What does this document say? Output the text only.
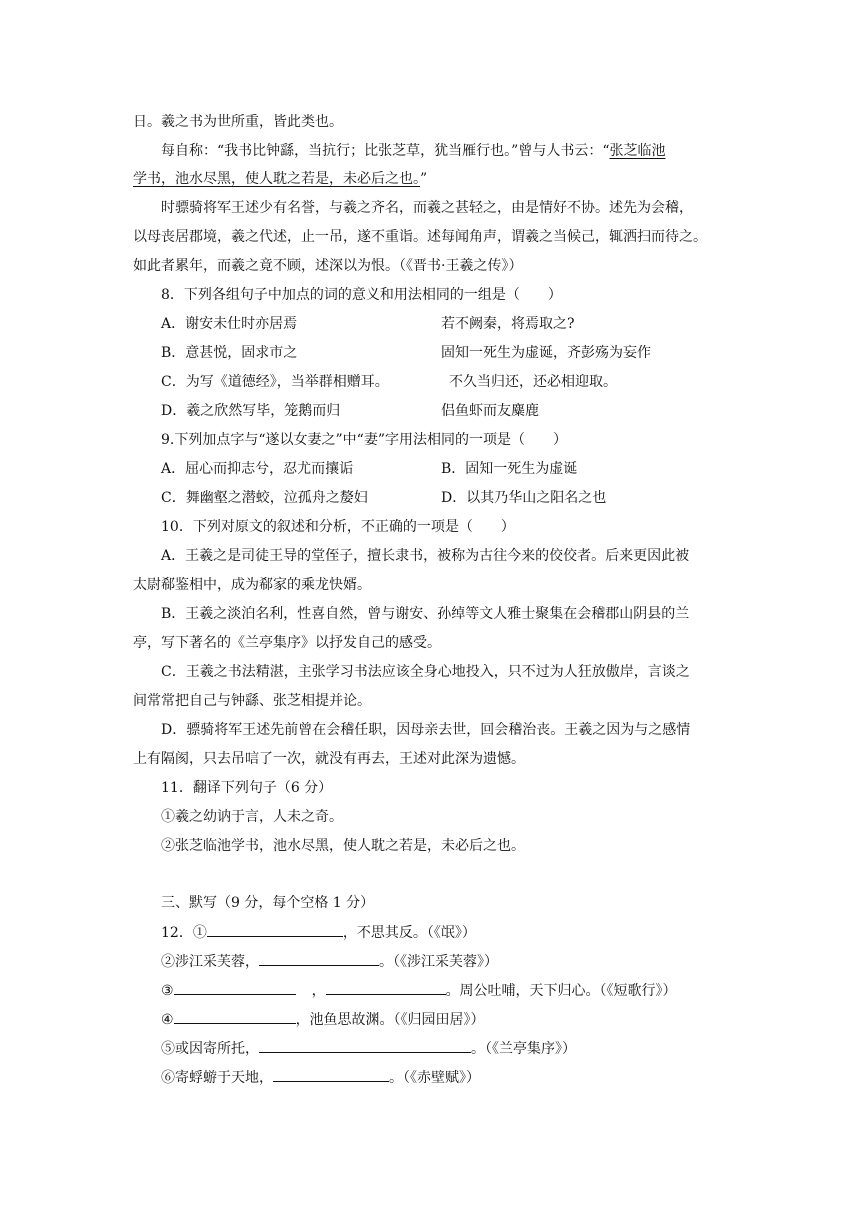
日。羲之书为世所重，皆此类也。
每自称：“我书比钟繇，当抗行；比张芝草，犹当雁行也。”曾与人书云：“张芝临池
学书，池水尽黑，使人耽之若是，未必后之也。”
时骠骑将军王述少有名誉，与羲之齐名，而羲之甚轻之，由是情好不协。述先为会稽，
以母丧居郡境，羲之代述，止一吊，遂不重诣。述每闻角声，谓羲之当候己，辄洒扫而待之。
如此者累年，而羲之竟不顾，述深以为恨。（《晋书·王羲之传》）
8．下列各组句子中加点的词的意义和用法相同的一组是（　　）
A．谢安未仕时亦居焉	若不阙秦，将焉取之?
B．意甚悦，固求市之	固知一死生为虚诞，齐彭殇为妄作
C．为写《道德经》，当举群相赠耳。	不久当归还，还必相迎取。
D．羲之欣然写毕，笼鹅而归	侣鱼虾而友麋鹿
9.下列加点字与“遂以女妻之”中“妻”字用法相同的一项是（　　）
A．屈心而抑志兮，忍尤而攘诟	B．固知一死生为虚诞
C．舞幽壑之潜蛟，泣孤舟之嫠妇	D．以其乃华山之阳名之也
10．下列对原文的叙述和分析，不正确的一项是（　　）
A．王羲之是司徒王导的堂侄子，擅长隶书，被称为古往今来的佼佼者。后来更因此被
太尉郗鉴相中，成为郗家的乘龙快婿。
B．王羲之淡泊名利，性喜自然，曾与谢安、孙绰等文人雅士聚集在会稽郡山阴县的兰
亭，写下著名的《兰亭集序》以抒发自己的感受。
C．王羲之书法精湛，主张学习书法应该全身心地投入，只不过为人狂放傲岸，言谈之
间常常把自己与钟繇、张芝相提并论。
D．骠骑将军王述先前曾在会稽任职，因母亲去世，回会稽治丧。王羲之因为与之感情
上有隔阂，只去吊唁了一次，就没有再去，王述对此深为遗憾。
11．翻译下列句子（6 分）
①羲之幼讷于言，人未之奇。
②张芝临池学书，池水尽黑，使人耽之若是，未必后之也。
三、默写（9 分，每个空格 1 分）
12．①	，不思其反。（《氓》）
②涉江采芙蓉，	。（《涉江采芙蓉》）
③	，	。周公吐哺，天下归心。（《短歌行》）
④	，池鱼思故渊。（《归园田居》）
⑤或因寄所托，	。（《兰亭集序》）
⑥寄蜉蝣于天地，	。（《赤壁赋》）
